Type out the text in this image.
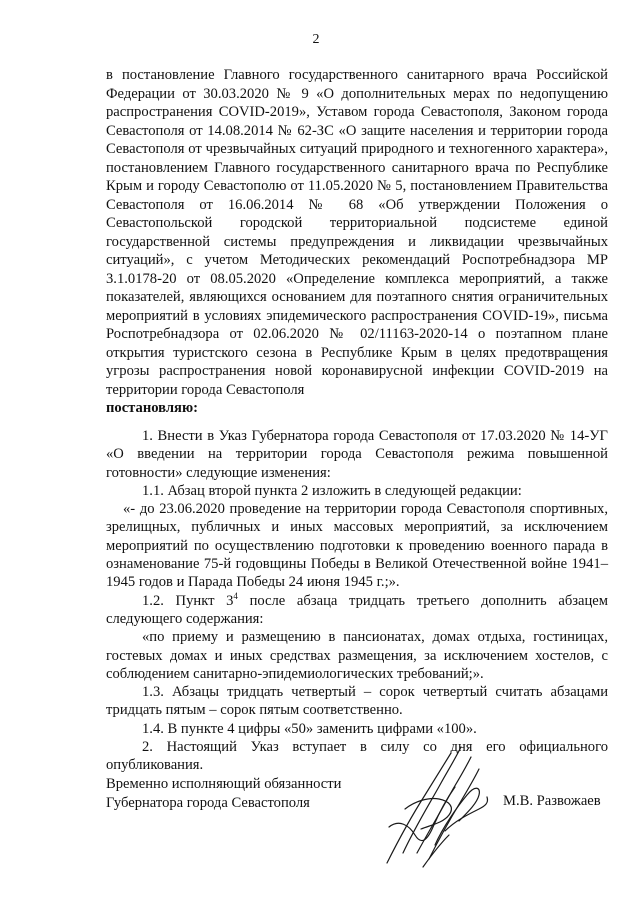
2

в постановление Главного государственного санитарного врача Российской Федерации от 30.03.2020 № 9 «О дополнительных мерах по недопущению распространения COVID-2019», Уставом города Севастополя, Законом города Севастополя от 14.08.2014 № 62-ЗС «О защите населения и территории города Севастополя от чрезвычайных ситуаций природного и техногенного характера», постановлением Главного государственного санитарного врача по Республике Крым и городу Севастополю от 11.05.2020 № 5, постановлением Правительства Севастополя от 16.06.2014 № 68 «Об утверждении Положения о Севастопольской городской территориальной подсистеме единой государственной системы предупреждения и ликвидации чрезвычайных ситуаций», с учетом Методических рекомендаций Роспотребнадзора МР 3.1.0178-20 от 08.05.2020 «Определение комплекса мероприятий, а также показателей, являющихся основанием для поэтапного снятия ограничительных мероприятий в условиях эпидемического распространения COVID-19», письма Роспотребнадзора от 02.06.2020 № 02/11163-2020-14 о поэтапном плане открытия туристского сезона в Республике Крым в целях предотвращения угрозы распространения новой коронавирусной инфекции COVID-2019 на территории города Севастополя
постановляю:

1. Внести в Указ Губернатора города Севастополя от 17.03.2020 № 14-УГ «О введении на территории города Севастополя режима повышенной готовности» следующие изменения:

1.1. Абзац второй пункта 2 изложить в следующей редакции:

«- до 23.06.2020 проведение на территории города Севастополя спортивных, зрелищных, публичных и иных массовых мероприятий, за исключением мероприятий по осуществлению подготовки к проведению военного парада в ознаменование 75-й годовщины Победы в Великой Отечественной войне 1941–1945 годов и Парада Победы 24 июня 1945 г.;».

1.2. Пункт $3^4$ после абзаца тридцать третьего дополнить абзацем следующего содержания:

«по приему и размещению в пансионатах, домах отдыха, гостиницах, гостевых домах и иных средствах размещения, за исключением хостелов, с соблюдением санитарно-эпидемиологических требований;».

1.3. Абзацы тридцать четвертый – сорок четвертый считать абзацами тридцать пятым – сорок пятым соответственно.

1.4. В пункте 4 цифры «50» заменить цифрами «100».

2. Настоящий Указ вступает в силу со дня его официального опубликования.

Временно исполняющий обязанности
Губернатора города Севастополя	М.В. Развожаев
